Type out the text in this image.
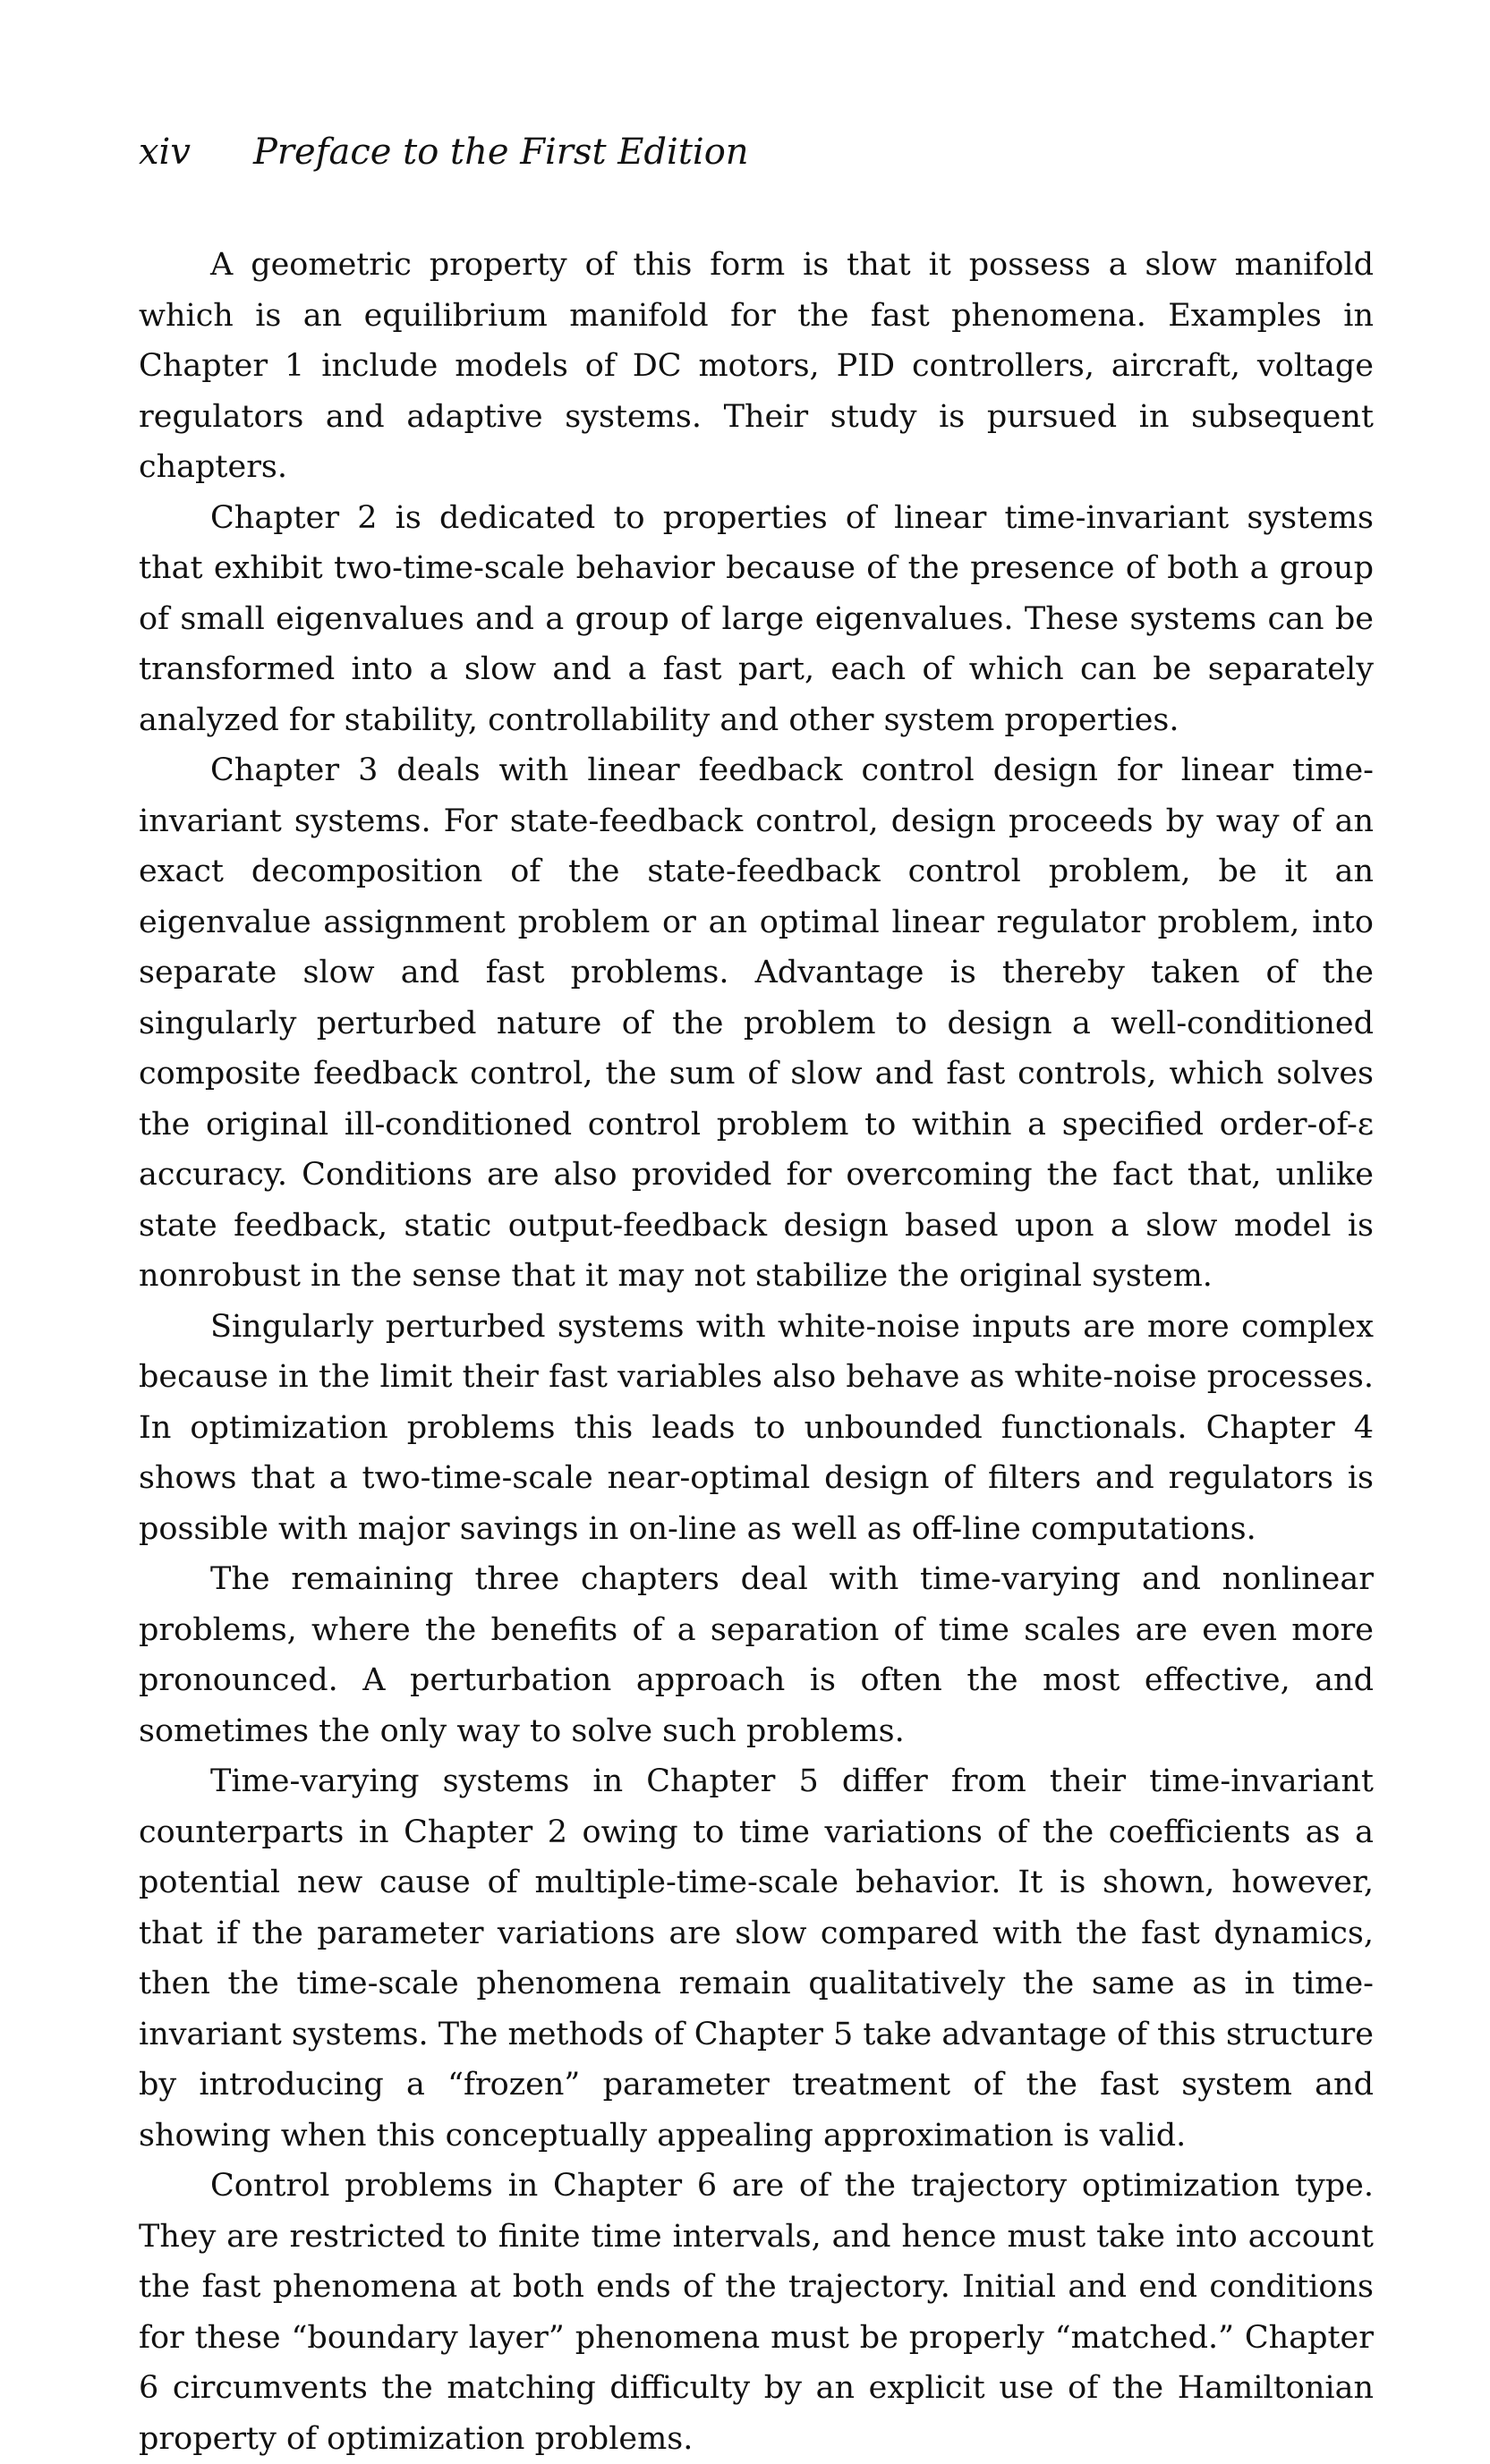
xiv Preface to the First Edition

A geometric property of this form is that it possess a slow manifold which is an equilibrium manifold for the fast phenomena. Examples in Chapter 1 include models of DC motors, PID controllers, aircraft, voltage regulators and adaptive systems. Their study is pursued in subsequent chapters.

Chapter 2 is dedicated to properties of linear time-invariant systems that exhibit two-time-scale behavior because of the presence of both a group of small eigenvalues and a group of large eigenvalues. These systems can be transformed into a slow and a fast part, each of which can be separately analyzed for stability, controllability and other system properties.

Chapter 3 deals with linear feedback control design for linear time-invariant systems. For state-feedback control, design proceeds by way of an exact decomposition of the state-feedback control problem, be it an eigenvalue assignment problem or an optimal linear regulator problem, into separate slow and fast problems. Advantage is thereby taken of the singularly perturbed nature of the problem to design a well-conditioned composite feedback control, the sum of slow and fast controls, which solves the original ill-conditioned control problem to within a specified order-of-ε accuracy. Conditions are also provided for overcoming the fact that, unlike state feedback, static output-feedback design based upon a slow model is nonrobust in the sense that it may not stabilize the original system.

Singularly perturbed systems with white-noise inputs are more complex because in the limit their fast variables also behave as white-noise processes. In optimization problems this leads to unbounded functionals. Chapter 4 shows that a two-time-scale near-optimal design of filters and regulators is possible with major savings in on-line as well as off-line computations.

The remaining three chapters deal with time-varying and nonlinear problems, where the benefits of a separation of time scales are even more pronounced. A perturbation approach is often the most effective, and sometimes the only way to solve such problems.

Time-varying systems in Chapter 5 differ from their time-invariant counterparts in Chapter 2 owing to time variations of the coefficients as a potential new cause of multiple-time-scale behavior. It is shown, however, that if the parameter variations are slow compared with the fast dynamics, then the time-scale phenomena remain qualitatively the same as in time-invariant systems. The methods of Chapter 5 take advantage of this structure by introducing a “frozen” parameter treatment of the fast system and showing when this conceptually appealing approximation is valid.

Control problems in Chapter 6 are of the trajectory optimization type. They are restricted to finite time intervals, and hence must take into account the fast phenomena at both ends of the trajectory. Initial and end conditions for these “boundary layer” phenomena must be properly “matched.” Chapter 6 circumvents the matching difficulty by an explicit use of the Hamiltonian property of optimization problems.
